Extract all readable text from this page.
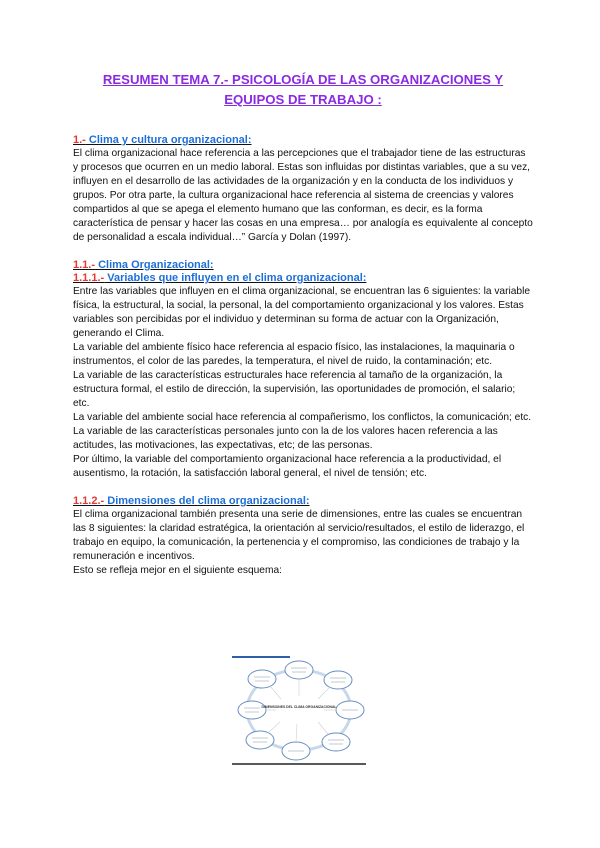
RESUMEN TEMA 7.- PSICOLOGÍA DE LAS ORGANIZACIONES Y
EQUIPOS DE TRABAJO :
1.- Clima y cultura organizacional:

El clima organizacional hace referencia a las percepciones que el trabajador tiene de las estructuras y procesos que ocurren en un medio laboral. Estas son influidas por distintas variables, que a su vez, influyen en el desarrollo de las actividades de la organización y en la conducta de los individuos y grupos. Por otra parte, la cultura organizacional hace referencia al sistema de creencias y valores compartidos al que se apega el elemento humano que las conforman, es decir, es la forma característica de pensar y hacer las cosas en una empresa… por analogía es equivalente al concepto de personalidad a escala individual…” García y Dolan (1997).

1.1.- Clima Organizacional:
1.1.1.- Variables que influyen en el clima organizacional:

Entre las variables que influyen en el clima organizacional, se encuentran las 6 siguientes: la variable física, la estructural, la social, la personal, la del comportamiento organizacional y los valores. Estas variables son percibidas por el individuo y determinan su forma de actuar con la Organización, generando el Clima.

La variable del ambiente físico hace referencia al espacio físico, las instalaciones, la maquinaria o instrumentos, el color de las paredes, la temperatura, el nivel de ruido, la contaminación; etc.

La variable de las características estructurales hace referencia al tamaño de la organización, la estructura formal, el estilo de dirección, la supervisión, las oportunidades de promoción, el salario; etc.

La variable del ambiente social hace referencia al compañerismo, los conflictos, la comunicación; etc.

La variable de las características personales junto con la de los valores hacen referencia a las actitudes, las motivaciones, las expectativas, etc; de las personas.

Por último, la variable del comportamiento organizacional hace referencia a la productividad, el ausentismo, la rotación, la satisfacción laboral general, el nivel de tensión; etc.

1.1.2.- Dimensiones del clima organizacional:

El clima organizacional también presenta una serie de dimensiones, entre las cuales se encuentran las 8 siguientes: la claridad estratégica, la orientación al servicio/resultados, el estilo de liderazgo, el trabajo en equipo, la comunicación, la pertenencia y el compromiso, las condiciones de trabajo y la remuneración e incentivos.

Esto se refleja mejor en el siguiente esquema:

DIMENSIONES DEL CLIMA ORGANIZACIONAL
